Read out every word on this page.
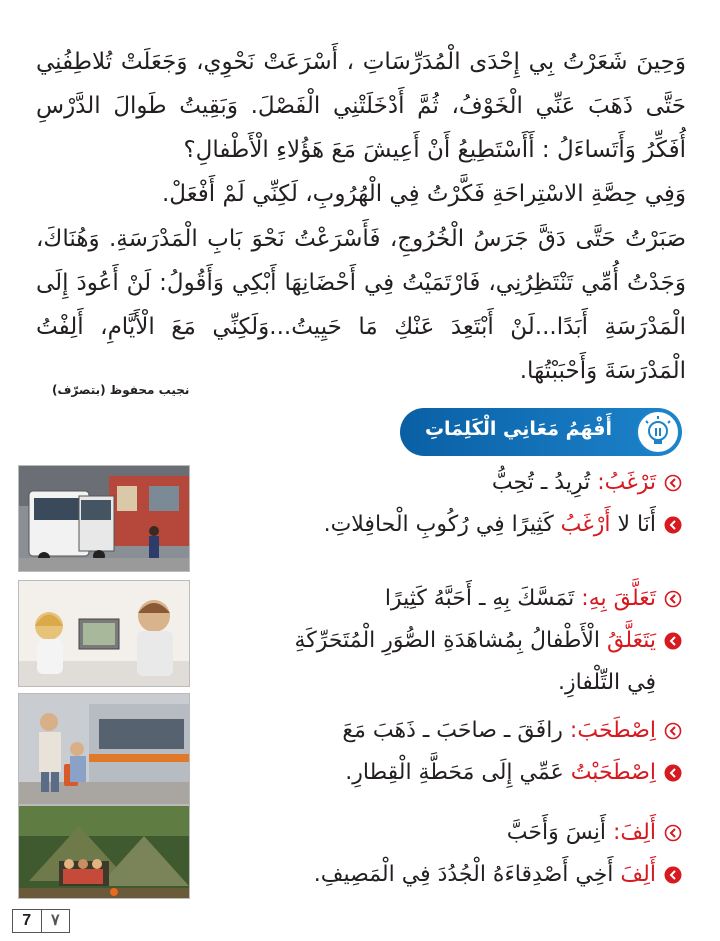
وَحِينَ شَعَرْتُ بِي إِحْدَى الْمُدَرِّسَاتِ ، أَسْرَعَتْ نَحْوِي، وَجَعَلَتْ تُلاطِفُنِي حَتَّى ذَهَبَ عَنِّي الْخَوْفُ، ثُمَّ أَدْخَلَتْنِي الْفَصْلَ. وَبَقِيتُ طَوالَ الدَّرْسِ أُفَكِّرُ وَأَتَساءَلُ : أَأَسْتَطِيعُ أَنْ أَعِيشَ مَعَ هَؤُلاءِ الْأَطْفالِ؟

وَفِي حِصَّةِ الاسْتِراحَةِ فَكَّرْتُ فِي الْهُرُوبِ، لَكِنِّي لَمْ أَفْعَلْ.

صَبَرْتُ حَتَّى دَقَّ جَرَسُ الْخُرُوجِ، فَأَسْرَعْتُ نَحْوَ بَابِ الْمَدْرَسَةِ. وَهُنَاكَ، وَجَدْتُ أُمِّي تَنْتَظِرُنِي، فَارْتَمَيْتُ فِي أَحْضَانِهَا أَبْكِي وَأَقُولُ: لَنْ أَعُودَ إِلَى الْمَدْرَسَةِ أَبَدًا...لَنْ أَبْتَعِدَ عَنْكِ مَا حَيِيتُ...وَلَكِنِّي مَعَ الْأَيَّامِ، أَلِفْتُ الْمَدْرَسَةَ وَأَحْبَبْتُهَا.

نجيب محفوظ (بتصرّف)
أَفْهَمُ مَعَانِي الْكَلِمَاتِ
تَرْغَبُ
:
تُرِيدُ ـ تُحِبُّ
أَنَا لا أَرْغَبُ كَثِيرًا فِي رُكُوبِ الْحافِلاتِ.
تَعَلَّقَ بِهِ
:
تَمَسَّكَ بِهِ ـ أَحَبَّهُ كَثِيرًا
يَتَعَلَّقُ الْأَطْفالُ بِمُشاهَدَةِ الصُّوَرِ الْمُتَحَرِّكَةِ
فِي التِّلْفازِ.
اِصْطَحَبَ
:
رافَقَ ـ صاحَبَ ـ ذَهَبَ مَعَ
اِصْطَحَبْتُ عَمِّي إِلَى مَحَطَّةِ الْقِطارِ.
أَلِفَ
:
أَنِسَ وَأَحَبَّ
أَلِفَ أَخِي أَصْدِقاءَهُ الْجُدُدَ فِي الْمَصِيفِ.
7	٧
